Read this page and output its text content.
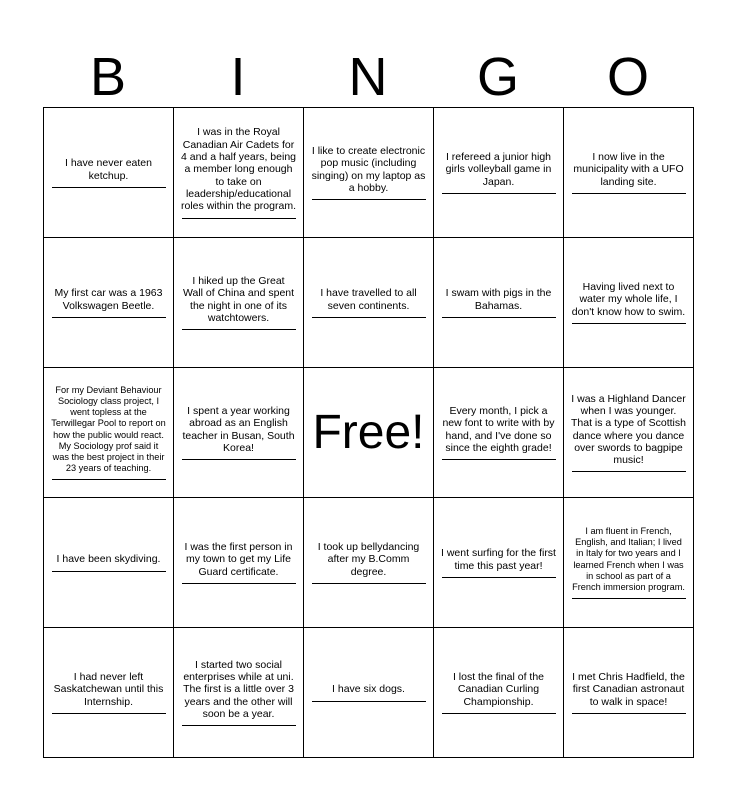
B	I	N	G	O
I have never eaten ketchup.
I was in the Royal Canadian Air Cadets for 4 and a half years, being a member long enough to take on leadership/educational roles within the program.
I like to create electronic pop music (including singing) on my laptop as a hobby.
I refereed a junior high girls volleyball game in Japan.
I now live in the municipality with a UFO landing site.
My first car was a 1963 Volkswagen Beetle.
I hiked up the Great Wall of China and spent the night in one of its watchtowers.
I have travelled to all seven continents.
I swam with pigs in the Bahamas.
Having lived next to water my whole life, I don't know how to swim.
For my Deviant Behaviour Sociology class project, I went topless at the Terwillegar Pool to report on how the public would react. My Sociology prof said it was the best project in their 23 years of teaching.
I spent a year working abroad as an English teacher in Busan, South Korea!	Free!	Every month, I pick a new font to write with by hand, and I've done so since the eighth grade!
I was a Highland Dancer when I was younger. That is a type of Scottish dance where you dance over swords to bagpipe music!
I have been skydiving.
I was the first person in my town to get my Life Guard certificate.
I took up bellydancing after my B.Comm degree.
I went surfing for the first time this past year!
I am fluent in French, English, and Italian; I lived in Italy for two years and I learned French when I was in school as part of a French immersion program.
I had never left Saskatchewan until this Internship.
I started two social enterprises while at uni. The first is a little over 3 years and the other will soon be a year.
I have six dogs.
I lost the final of the Canadian Curling Championship.
I met Chris Hadfield, the first Canadian astronaut to walk in space!
